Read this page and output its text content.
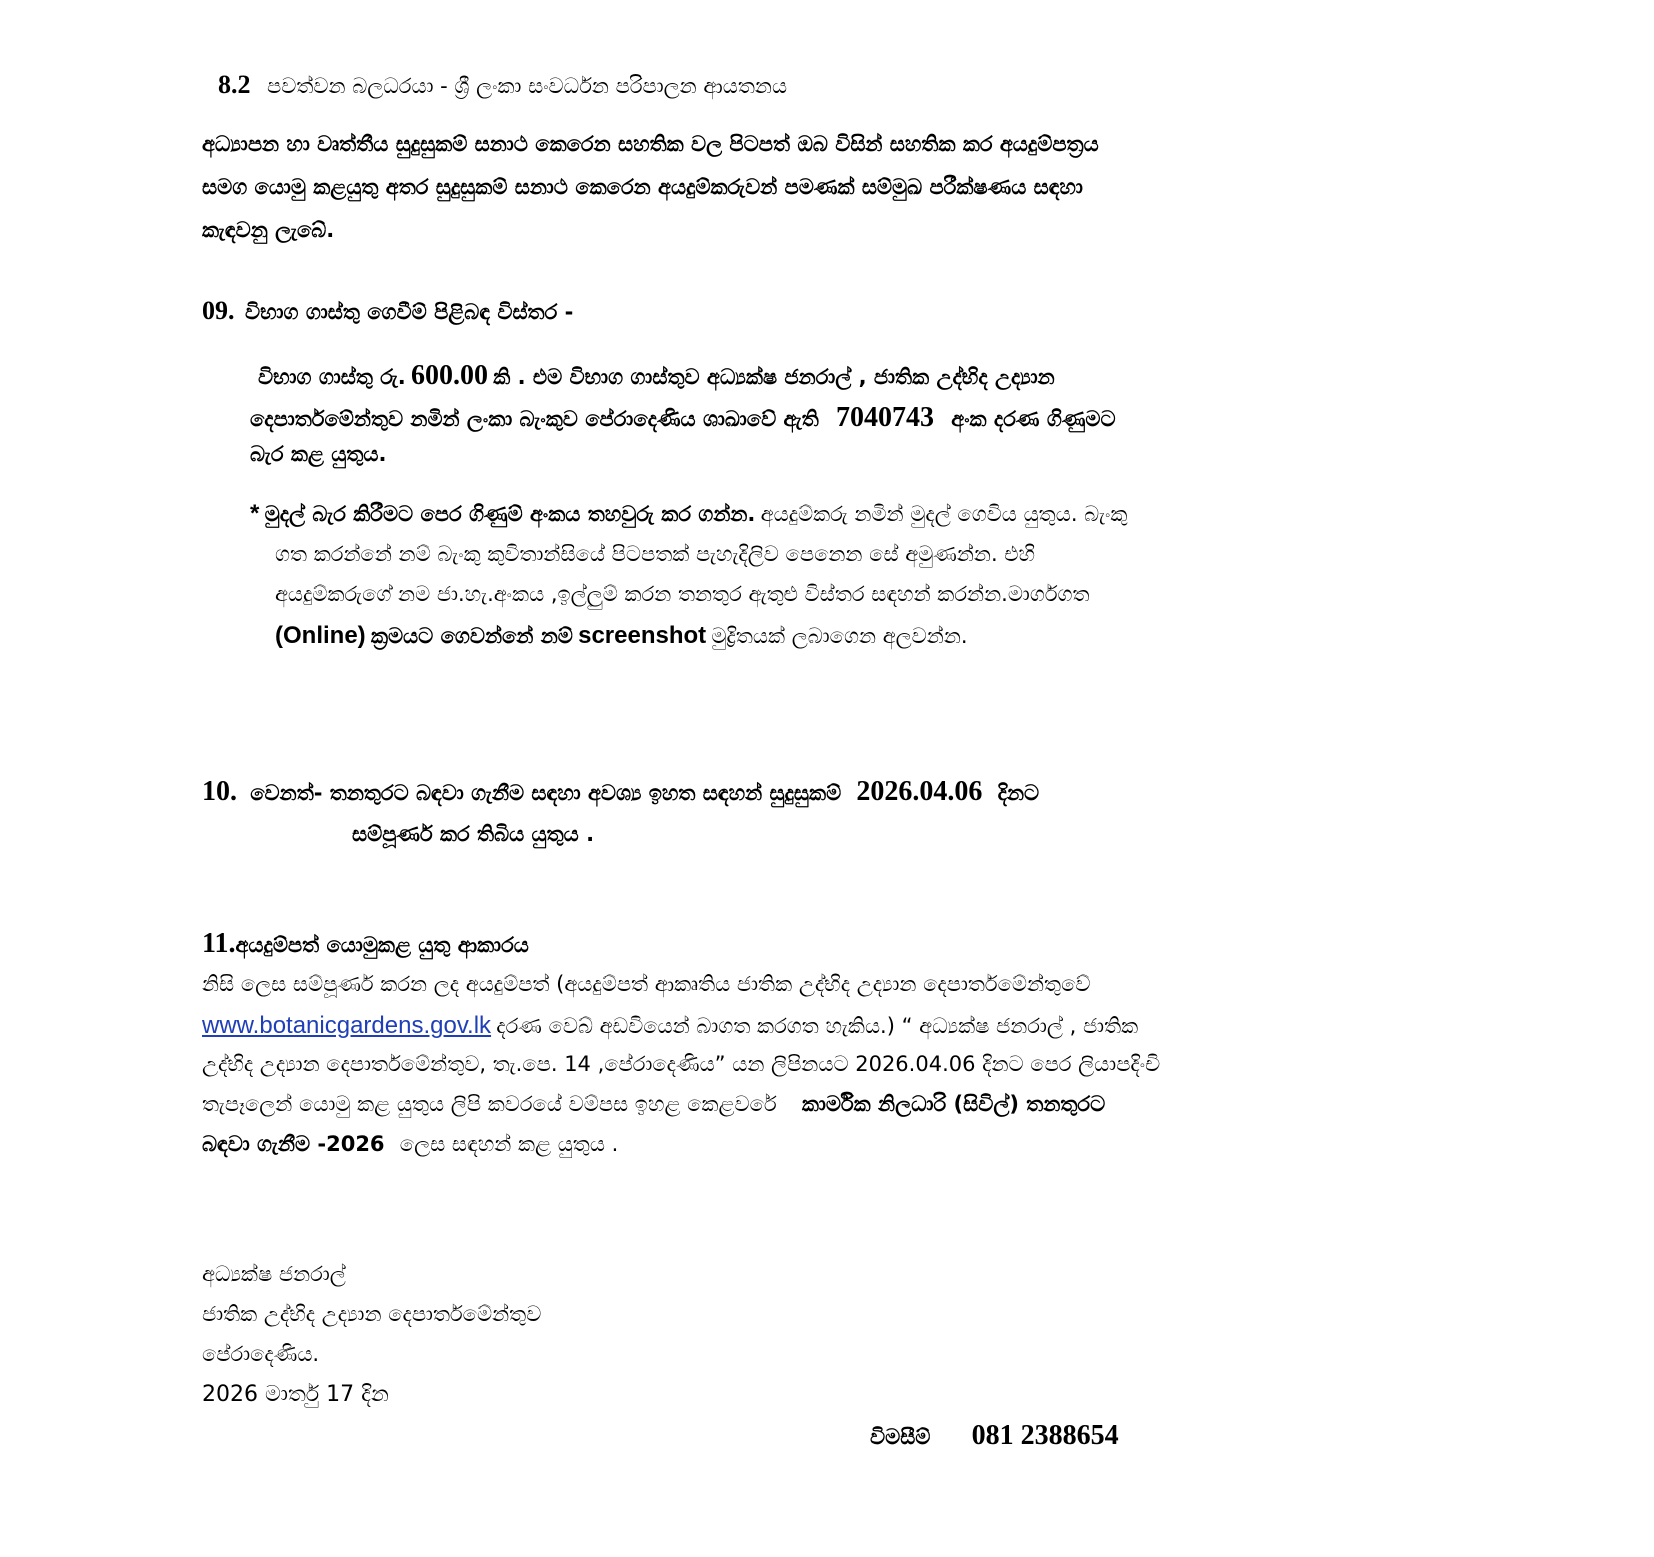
8.2 පවත්වන බලධරයා - ශ්‍රී ලංකා සංවර්ධන පරිපාලන ආයතනය
අධ්‍යාපන හා වෘත්තීය සුදුසුකම් සනාථ කෙරෙන සහතික වල පිටපත් ඔබ විසින් සහතික කර අයදුම්පත්‍රය
සමග යොමු කළයුතු අතර සුදුසුකම් සනාථ කෙරෙන අයදුම්කරුවන් පමණක් සම්මුඛ පරීක්ෂණය සඳහා
කැඳවනු ලැබේ.
09. විභාග ගාස්තු ගෙවීම් පිළිබඳ විස්තර -
විභාග ගාස්තු රු. 600.00 කි . එම විභාග ගාස්තුව අධ්‍යක්ෂ ජනරාල් , ජාතික උද්භිද උද්‍යාන
දෙපාර්තමේන්තුව නමින් ලංකා බැංකුව පේරාදෙණිය ශාඛාවේ ඇති 7040743 අංක දරණ ගිණුමට
බැර කළ යුතුය.
* මුදල් බැර කිරීමට පෙර ගිණුම් අංකය තහවුරු කර ගන්න. අයදුම්කරු නමින් මුදල් ගෙවිය යුතුය. බැංකු
ගත කරන්නේ නම් බැංකු කුවිතාන්සියේ පිටපතක් පැහැදිලිව පෙනෙන සේ අමුණන්න. එහි
අයදුම්කරුගේ නම ජා.හැ.අංකය ,ඉල්ලුම් කරන තනතුර ඇතුළු විස්තර සඳහන් කරන්න.මාර්ගගත
(Online) ක්‍රමයට ගෙවන්නේ නම් screenshot මුද්‍රිතයක් ලබාගෙන අලවන්න.
10. වෙනත්- තනතුරට බඳවා ගැනීම සඳහා අවශ්‍ය ඉහත සඳහන් සුදුසුකම් 2026.04.06 දිනට
සම්පූර්ණ කර තිබිය යුතුය .
11.අයදුම්පත් යොමුකළ යුතු ආකාරය
නිසි ලෙස සම්පූර්ණ කරන ලද අයදුම්පත් (අයදුම්පත් ආකෘතිය ජාතික උද්භිද උද්‍යාන දෙපාර්තමේන්තුවේ
www.botanicgardens.gov.lk දරණ වෙබ් අඩවියෙන් බාගත කරගත හැකිය.) “ අධ්‍යක්ෂ ජනරාල් , ජාතික
උද්භිද උද්‍යාන දෙපාර්තමේන්තුව, තැ.පෙ. 14 ,පේරාදෙණිය” යන ලිපිනයට 2026.04.06 දිනට පෙර ලියාපදිංචි
තැපෑලෙන් යොමු කළ යුතුය ලිපි කවරයේ වම්පස ඉහළ කෙළවරේ කාර්මික නිලධාරි (සිවිල්) තනතුරට
බඳවා ගැනීම -2026 ලෙස සඳහන් කළ යුතුය .
අධ්‍යක්ෂ ජනරාල්
ජාතික උද්භිද උද්‍යාන දෙපාර්තමේන්තුව
පේරාදෙණිය.
2026 මාර්තු 17 දින
විමසීම් 081 2388654
